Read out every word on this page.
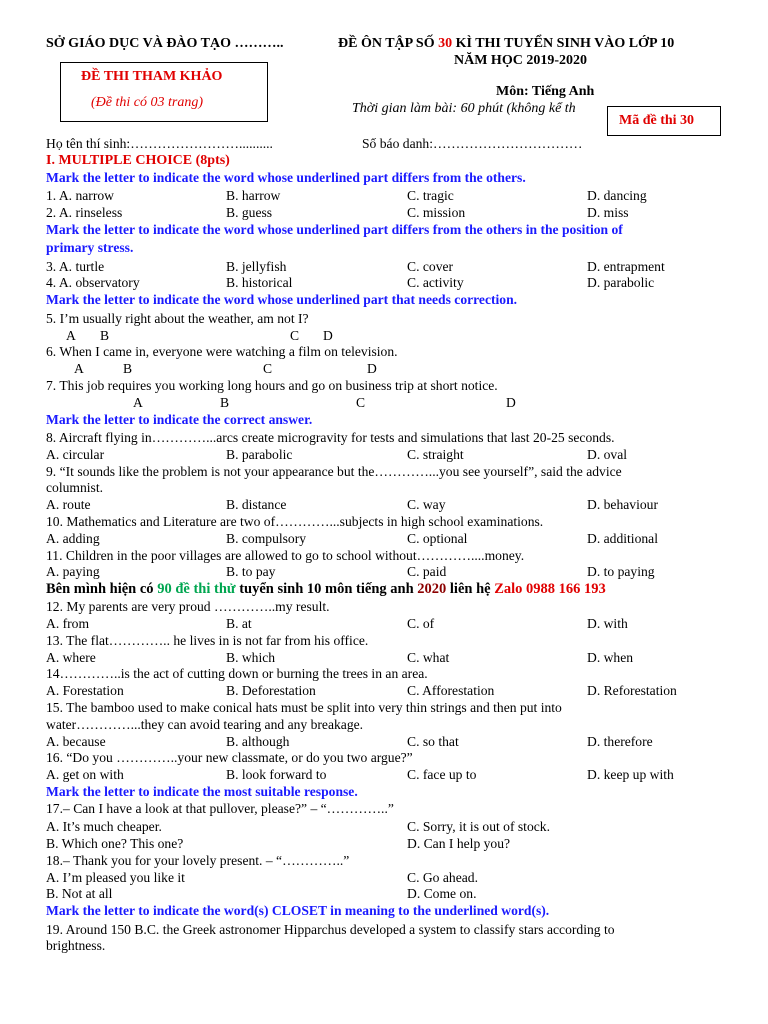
SỞ GIÁO DỤC VÀ ĐÀO TẠO ………..	ĐỀ ÔN TẬP SỐ 30 KÌ THI TUYỂN SINH VÀO LỚP 10
NĂM HỌC 2019-2020
ĐỀ THI THAM KHẢO
(Đề thi có 03 trang)
Môn: Tiếng Anh
Thời gian làm bài: 60 phút (không kể th
Mã đề thi 30
Họ tên thí sinh:……………………..........	Số báo danh:……………………………
I. MULTIPLE CHOICE (8pts)
Mark the letter to indicate the word whose underlined part differs from the others.
1. A. narrow	B. harrow	C. tragic	D. dancing
2. A. rinseless	B. guess	C. mission	D. miss
Mark the letter to indicate the word whose underlined part differs from the others in the position of
primary stress.
3. A. turtle	B. jellyfish	C. cover	D. entrapment
4. A. observatory	B. historical	C. activity	D. parabolic
Mark the letter to indicate the word whose underlined part that needs correction.
5. I’m usually right about the weather, am not I?
A B	C D
6. When I came in, everyone were watching a film on television.
A	B	C	D
7. This job requires you working long hours and go on business trip at short notice.
A	B	C	D
Mark the letter to indicate the correct answer.
8. Aircraft flying in…………...arcs create microgravity for tests and simulations that last 20-25 seconds.
A. circular	B. parabolic	C. straight	D. oval
9. “It sounds like the problem is not your appearance but the…………...you see yourself”, said the advice
columnist.
A. route	B. distance	C. way	D. behaviour
10. Mathematics and Literature are two of…………...subjects in high school examinations.
A. adding	B. compulsory	C. optional	D. additional
11. Children in the poor villages are allowed to go to school without…………....money.
A. paying	B. to pay	C. paid	D. to paying
Bên mình hiện có 90 đề thi thử tuyển sinh 10 môn tiếng anh 2020 liên hệ Zalo 0988 166 193
12. My parents are very proud …………..my result.
A. from	B. at	C. of	D. with
13. The flat………….. he lives in is not far from his office.
A. where	B. which	C. what	D. when
14…………..is the act of cutting down or burning the trees in an area.
A. Forestation	B. Deforestation	C. Afforestation	D. Reforestation
15. The bamboo used to make conical hats must be split into very thin strings and then put into
water…………...they can avoid tearing and any breakage.
A. because	B. although	C. so that	D. therefore
16. “Do you …………..your new classmate, or do you two argue?”
A. get on with	B. look forward to	C. face up to	D. keep up with
Mark the letter to indicate the most suitable response.
17.– Can I have a look at that pullover, please?” – “…………..”
A. It’s much cheaper.	C. Sorry, it is out of stock.
B. Which one? This one?	D. Can I help you?
18.– Thank you for your lovely present. – “…………..”
A. I’m pleased you like it	C. Go ahead.
B. Not at all	D. Come on.
Mark the letter to indicate the word(s) CLOSET in meaning to the underlined word(s).
19. Around 150 B.C. the Greek astronomer Hipparchus developed a system to classify stars according to
brightness.
